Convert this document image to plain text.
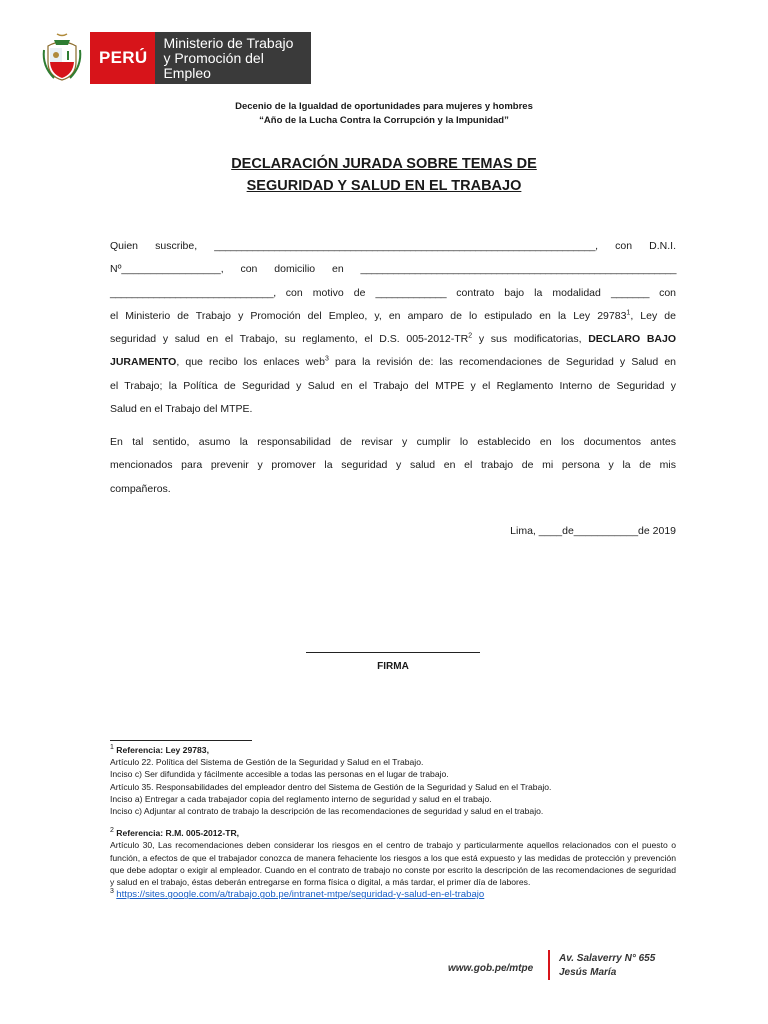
PERÚ
Ministerio de Trabajo
y Promoción del Empleo
Decenio de la Igualdad de oportunidades para mujeres y hombres
“Año de la Lucha Contra la Corrupción y la Impunidad”
DECLARACIÓN JURADA SOBRE TEMAS DE
SEGURIDAD Y SALUD EN EL TRABAJO
Quien suscribe, ______________________________________________________________________, con D.N.I.
Nº_________________, con domicilio en __________________________________________________________
______________________________, con motivo de _____________ contrato bajo la modalidad _______ con
el Ministerio de Trabajo y Promoción del Empleo, y, en amparo de lo estipulado en la Ley 29783$^1$, Ley de
seguridad y salud en el Trabajo, su reglamento, el D.S. $005-2012-TR^2$ y sus modificatorias, DECLARO BAJO
JURAMENTO, que recibo los enlaces web$^3$ para la revisión de: las recomendaciones de Seguridad y Salud en
el Trabajo; la Política de Seguridad y Salud en el Trabajo del MTPE y el Reglamento Interno de Seguridad y
Salud en el Trabajo del MTPE.
En tal sentido, asumo la responsabilidad de revisar y cumplir lo establecido en los documentos antes
mencionados para prevenir y promover la seguridad y salud en el trabajo de mi persona y la de mis
compañeros.
Lima, ____de___________de 2019
FIRMA
$^1$ Referencia: Ley 29783,
Artículo 22. Política del Sistema de Gestión de la Seguridad y Salud en el Trabajo.
Inciso c) Ser difundida y fácilmente accesible a todas las personas en el lugar de trabajo.
Artículo 35. Responsabilidades del empleador dentro del Sistema de Gestión de la Seguridad y Salud en el Trabajo.
Inciso a) Entregar a cada trabajador copia del reglamento interno de seguridad y salud en el trabajo.
Inciso c) Adjuntar al contrato de trabajo la descripción de las recomendaciones de seguridad y salud en el trabajo.
$^2$ Referencia: R.M. 005-2012-TR,
Artículo 30, Las recomendaciones deben considerar los riesgos en el centro de trabajo y particularmente aquellos relacionados con el puesto o función, a efectos de que el trabajador conozca de manera fehaciente los riesgos a los que está expuesto y las medidas de protección y prevención que debe adoptar o exigir al empleador. Cuando en el contrato de trabajo no conste por escrito la descripción de las recomendaciones de seguridad y salud en el trabajo, éstas deberán entregarse en forma física o digital, a más tardar, el primer día de labores.
$^3$ https://sites.google.com/a/trabajo.gob.pe/intranet-mtpe/seguridad-y-salud-en-el-trabajo
www.gob.pe/mtpe
Av. Salaverry N° 655
Jesús María
